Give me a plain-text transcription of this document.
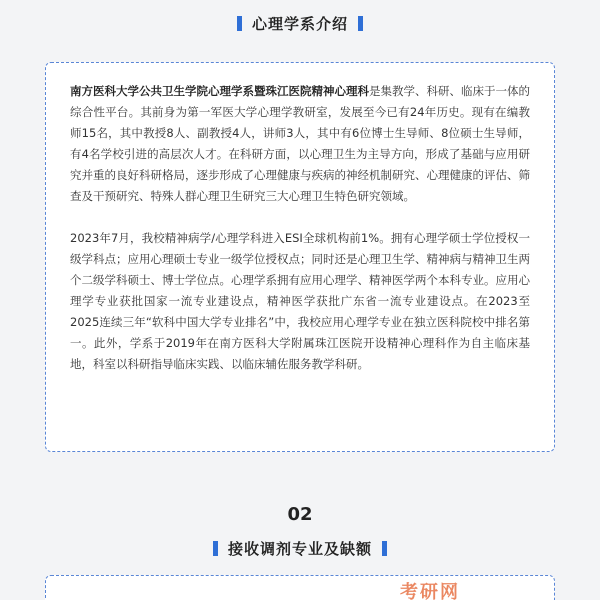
心理学系介绍

南方医科大学公共卫生学院心理学系暨珠江医院精神心理科是集教学、科研、临床于一体的综合性平台。其前身为第一军医大学心理学教研室，发展至今已有24年历史。现有在编教师15名，其中教授8人、副教授4人，讲师3人，其中有6位博士生导师、8位硕士生导师，有4名学校引进的高层次人才。在科研方面，以心理卫生为主导方向，形成了基础与应用研究并重的良好科研格局，逐步形成了心理健康与疾病的神经机制研究、心理健康的评估、筛查及干预研究、特殊人群心理卫生研究三大心理卫生特色研究领域。

2023年7月，我校精神病学/心理学科进入ESI全球机构前1%。拥有心理学硕士学位授权一级学科点；应用心理硕士专业一级学位授权点；同时还是心理卫生学、精神病与精神卫生两个二级学科硕士、博士学位点。心理学系拥有应用心理学、精神医学两个本科专业。应用心理学专业获批国家一流专业建设点，精神医学获批广东省一流专业建设点。在2023至2025连续三年“软科中国大学专业排名”中，我校应用心理学专业在独立医科院校中排名第一。此外，学系于2019年在南方医科大学附属珠江医院开设精神心理科作为自主临床基地，科室以科研指导临床实践、以临床辅佐服务教学科研。

02
接收调剂专业及缺额
考研网
